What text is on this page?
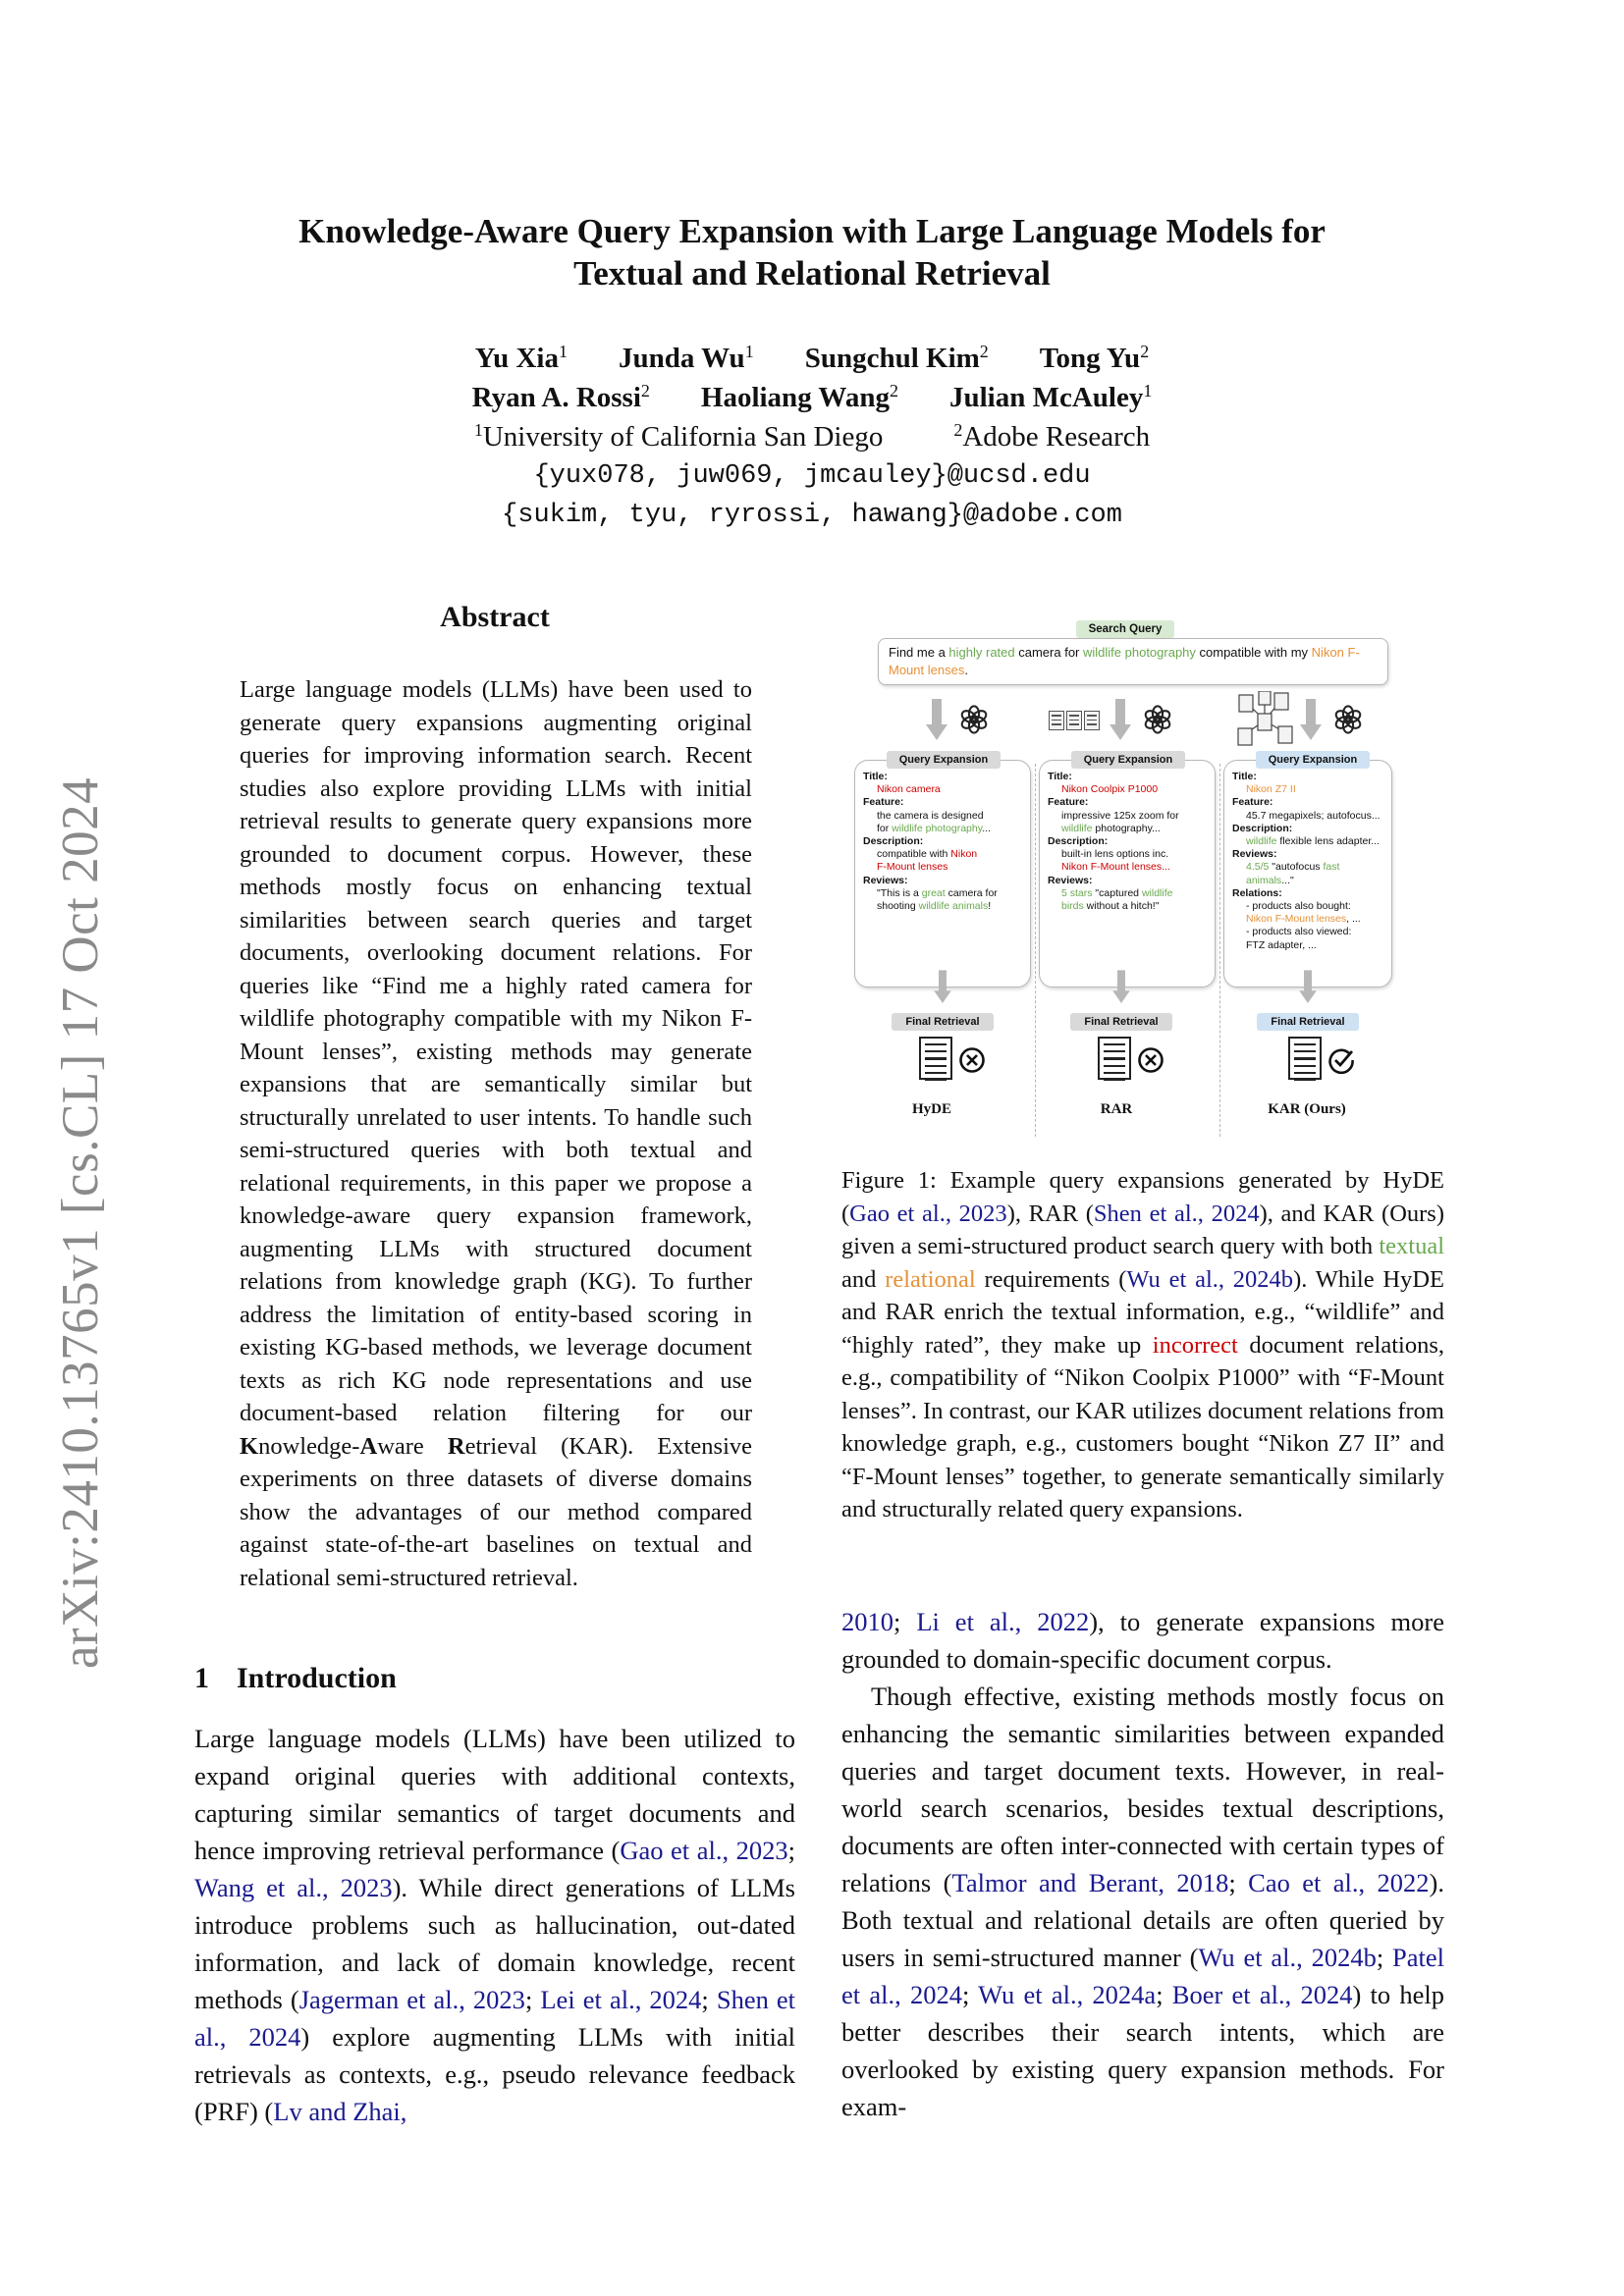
arXiv:2410.13765v1 [cs.CL] 17 Oct 2024
Knowledge-Aware Query Expansion with Large Language Models for
Textual and Relational Retrieval
Yu Xia$^1$ Junda Wu$^1$ Sungchul Kim$^2$ Tong Yu$^2$
Ryan A. Rossi$^2$ Haoliang Wang$^2$ Julian McAuley$^1$
$^1$University of California San Diego	$^2$Adobe Research
{yux078, juw069, jmcauley}@ucsd.edu
{sukim, tyu, ryrossi, hawang}@adobe.com
Abstract
Large language models (LLMs) have been used to generate query expansions augmenting original queries for improving information search. Recent studies also explore providing LLMs with initial retrieval results to generate query expansions more grounded to document corpus. However, these methods mostly focus on enhancing textual similarities between search queries and target documents, overlooking document relations. For queries like “Find me a highly rated camera for wildlife photography compatible with my Nikon F-Mount lenses”, existing methods may generate expansions that are semantically similar but structurally unrelated to user intents. To handle such semi-structured queries with both textual and relational requirements, in this paper we propose a knowledge-aware query expansion framework, augmenting LLMs with structured document relations from knowledge graph (KG). To further address the limitation of entity-based scoring in existing KG-based methods, we leverage document texts as rich KG node representations and use document-based relation filtering for our Knowledge-Aware Retrieval (KAR). Extensive experiments on three datasets of diverse domains show the advantages of our method compared against state-of-the-art baselines on textual and relational semi-structured retrieval.
1 Introduction
Large language models (LLMs) have been utilized to expand original queries with additional contexts, capturing similar semantics of target documents and hence improving retrieval performance (Gao et al., 2023; Wang et al., 2023). While direct generations of LLMs introduce problems such as hallucination, out-dated information, and lack of domain knowledge, recent methods (Jagerman et al., 2023; Lei et al., 2024; Shen et al., 2024) explore augmenting LLMs with initial retrievals as contexts, e.g., pseudo relevance feedback (PRF) (Lv and Zhai,
Search Query
Find me a highly rated camera for wildlife photography compatible with my Nikon F-Mount lenses.
Query Expansion
Title:
Nikon camera
Feature:
the camera is designed
for wildlife photography...
Description:
compatible with Nikon
F-Mount lenses
Reviews:
"This is a great camera for
shooting wildlife animals!
Query Expansion
Title:
Nikon Coolpix P1000
Feature:
impressive 125x zoom for
wildlife photography...
Description:
built-in lens options inc.
Nikon F-Mount lenses...
Reviews:
5 stars "captured wildlife
birds without a hitch!"
Query Expansion
Title:
Nikon Z7 II
Feature:
45.7 megapixels; autofocus...
Description:
wildlife flexible lens adapter...
Reviews:
4.5/5 "autofocus fast animals..."
Relations:
- products also bought:
Nikon F-Mount lenses, ...
- products also viewed:
FTZ adapter, ...
Final Retrieval	Final Retrieval	Final Retrieval
HyDE	RAR	KAR (Ours)
Figure 1: Example query expansions generated by HyDE (Gao et al., 2023), RAR (Shen et al., 2024), and KAR (Ours) given a semi-structured product search query with both textual and relational requirements (Wu et al., 2024b). While HyDE and RAR enrich the textual information, e.g., “wildlife” and “highly rated”, they make up incorrect document relations, e.g., compatibility of “Nikon Coolpix P1000” with “F-Mount lenses”. In contrast, our KAR utilizes document relations from knowledge graph, e.g., customers bought “Nikon Z7 II” and “F-Mount lenses” together, to generate semantically similarly and structurally related query expansions.

2010; Li et al., 2022), to generate expansions more grounded to domain-specific document corpus.

Though effective, existing methods mostly focus on enhancing the semantic similarities between expanded queries and target document texts. However, in real-world search scenarios, besides textual descriptions, documents are often inter-connected with certain types of relations (Talmor and Berant, 2018; Cao et al., 2022). Both textual and relational details are often queried by users in semi-structured manner (Wu et al., 2024b; Patel et al., 2024; Wu et al., 2024a; Boer et al., 2024) to help better describes their search intents, which are overlooked by existing query expansion methods. For exam-
